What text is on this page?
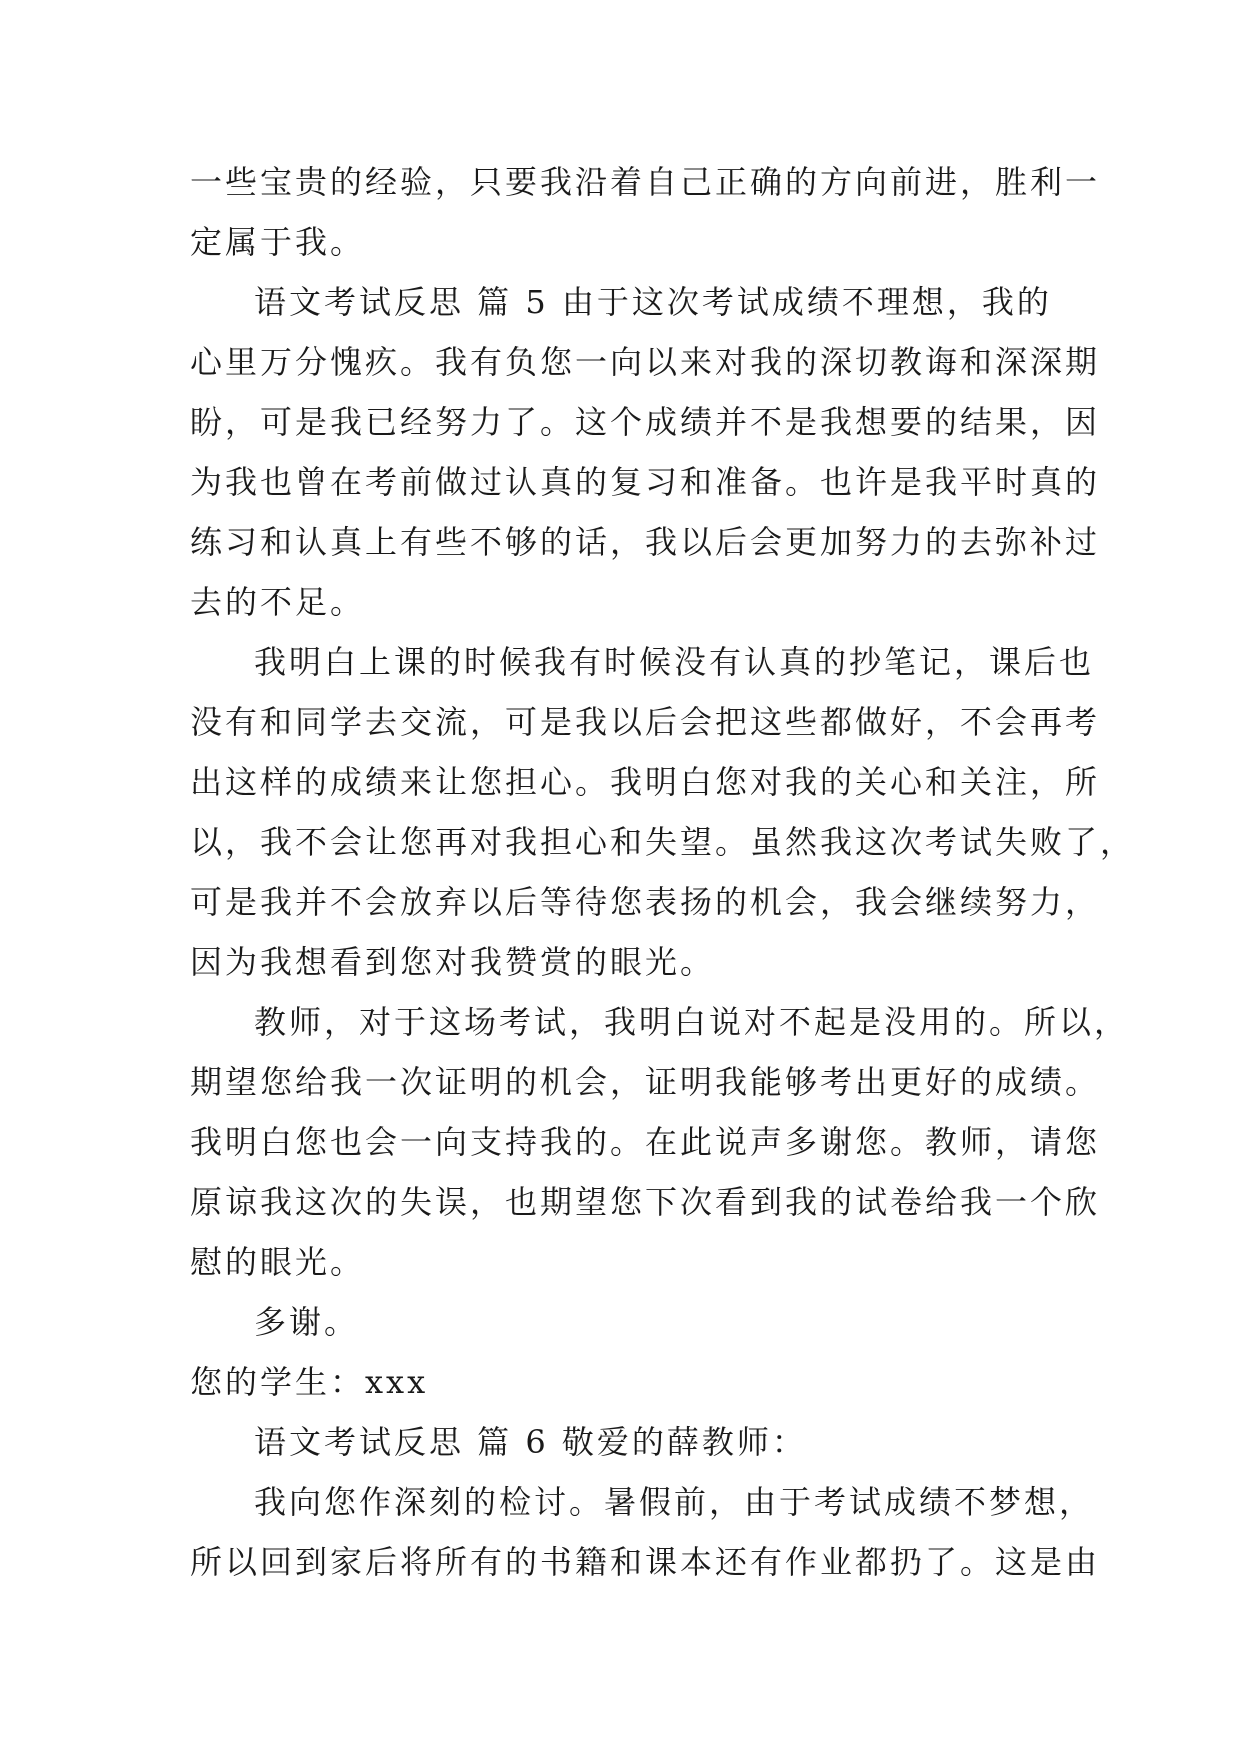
一些宝贵的经验，只要我沿着自己正确的方向前进，胜利一
定属于我。
语文考试反思 篇 5 由于这次考试成绩不理想，我的
心里万分愧疚。我有负您一向以来对我的深切教诲和深深期
盼，可是我已经努力了。这个成绩并不是我想要的结果，因
为我也曾在考前做过认真的复习和准备。也许是我平时真的
练习和认真上有些不够的话，我以后会更加努力的去弥补过
去的不足。
我明白上课的时候我有时候没有认真的抄笔记，课后也
没有和同学去交流，可是我以后会把这些都做好，不会再考
出这样的成绩来让您担心。我明白您对我的关心和关注，所
以，我不会让您再对我担心和失望。虽然我这次考试失败了，
可是我并不会放弃以后等待您表扬的机会，我会继续努力，
因为我想看到您对我赞赏的眼光。
教师，对于这场考试，我明白说对不起是没用的。所以，
期望您给我一次证明的机会，证明我能够考出更好的成绩。
我明白您也会一向支持我的。在此说声多谢您。教师，请您
原谅我这次的失误，也期望您下次看到我的试卷给我一个欣
慰的眼光。
多谢。
您的学生：xxx
语文考试反思 篇 6 敬爱的薛教师：
我向您作深刻的检讨。暑假前，由于考试成绩不梦想，
所以回到家后将所有的书籍和课本还有作业都扔了。这是由
